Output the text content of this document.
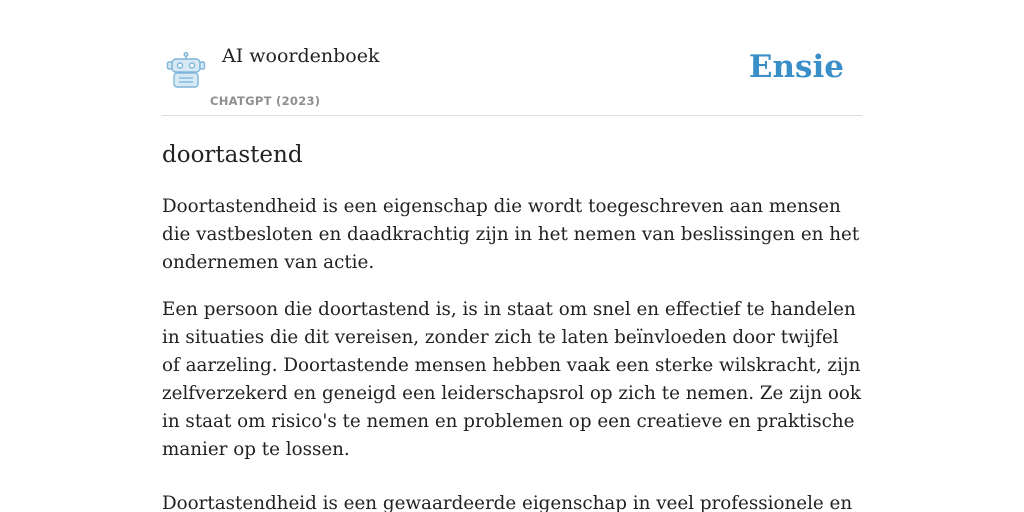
AI woordenboek
CHATGPT (2023)
Ensie
doortastend

Doortastendheid is een eigenschap die wordt toegeschreven aan mensen die vastbesloten en daadkrachtig zijn in het nemen van beslissingen en het ondernemen van actie.

Een persoon die doortastend is, is in staat om snel en effectief te handelen in situaties die dit vereisen, zonder zich te laten beïnvloeden door twijfel of aarzeling. Doortastende mensen hebben vaak een sterke wilskracht, zijn zelfverzekerd en geneigd een leiderschapsrol op zich te nemen. Ze zijn ook in staat om risico's te nemen en problemen op een creatieve en praktische manier op te lossen.

Doortastendheid is een gewaardeerde eigenschap in veel professionele en
